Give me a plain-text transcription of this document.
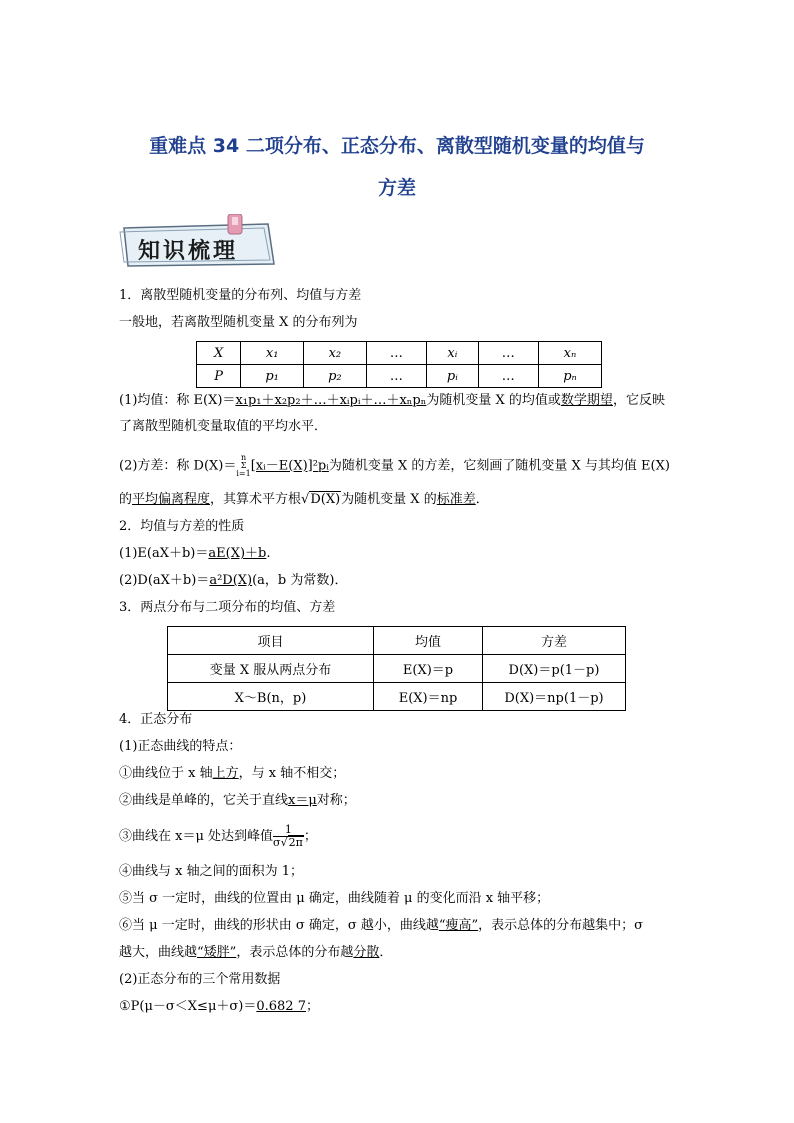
重难点 34 二项分布、正态分布、离散型随机变量的均值与
方差
知识梳理
1．离散型随机变量的分布列、均值与方差
一般地，若离散型随机变量 X 的分布列为
X	x₁	x₂	…	xᵢ	…	xₙ
P	p₁	p₂	…	pᵢ	…	pₙ
(1)均值：称 E(X)＝x₁p₁＋x₂p₂＋…＋xᵢpᵢ＋…＋xₙpₙ为随机变量 X 的均值或数学期望，它反映
了离散型随机变量取值的平均水平．
(2)方差：称 D(X)＝n
Σ
i=1[xᵢ－E(X)]²pᵢ为随机变量 X 的方差，它刻画了随机变量 X 与其均值 E(X)
的平均偏离程度，其算术平方根√D(X)为随机变量 X 的标准差．
2．均值与方差的性质
(1)E(aX＋b)＝aE(X)＋b.
(2)D(aX＋b)＝a²D(X)(a，b 为常数)．
3．两点分布与二项分布的均值、方差
项目	均值	方差
变量 X 服从两点分布	E(X)＝p	D(X)＝p(1－p)
X～B(n，p)	E(X)＝np	D(X)＝np(1－p)
4．正态分布
(1)正态曲线的特点：
①曲线位于 x 轴上方，与 x 轴不相交；
②曲线是单峰的，它关于直线x＝μ对称；
③曲线在 x＝μ 处达到峰值 $\frac{1}{\sigma√2\pi}$；
④曲线与 x 轴之间的面积为 1；
⑤当 σ 一定时，曲线的位置由 μ 确定，曲线随着 μ 的变化而沿 x 轴平移；
⑥当 μ 一定时，曲线的形状由 σ 确定，σ 越小，曲线越“瘦高”，表示总体的分布越集中；σ
越大，曲线越“矮胖”，表示总体的分布越分散．
(2)正态分布的三个常用数据
①P(μ－σ＜X≤μ＋σ)＝0.682 7；
